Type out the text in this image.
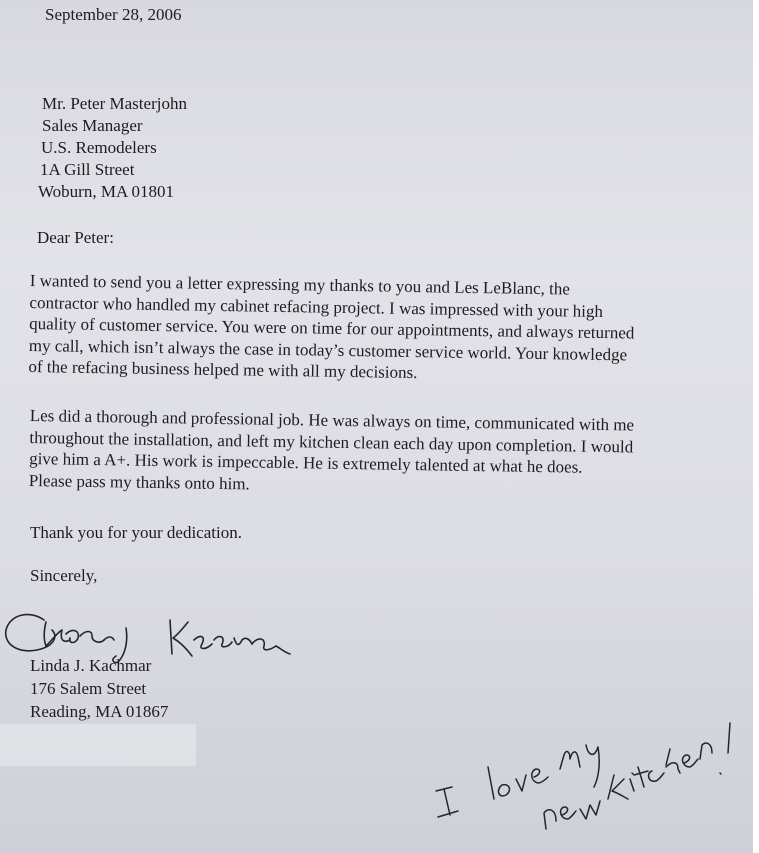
September 28, 2006
Mr. Peter Masterjohn
Sales Manager
U.S. Remodelers
1A Gill Street
Woburn, MA 01801
Dear Peter:
I wanted to send you a letter expressing my thanks to you and Les LeBlanc, the
contractor who handled my cabinet refacing project. I was impressed with your high
quality of customer service. You were on time for our appointments, and always returned
my call, which isn’t always the case in today’s customer service world. Your knowledge
of the refacing business helped me with all my decisions.
Les did a thorough and professional job. He was always on time, communicated with me
throughout the installation, and left my kitchen clean each day upon completion. I would
give him a A+. His work is impeccable. He is extremely talented at what he does.
Please pass my thanks onto him.
Thank you for your dedication.
Sincerely,
Linda J. Kachmar
176 Salem Street
Reading, MA 01867
